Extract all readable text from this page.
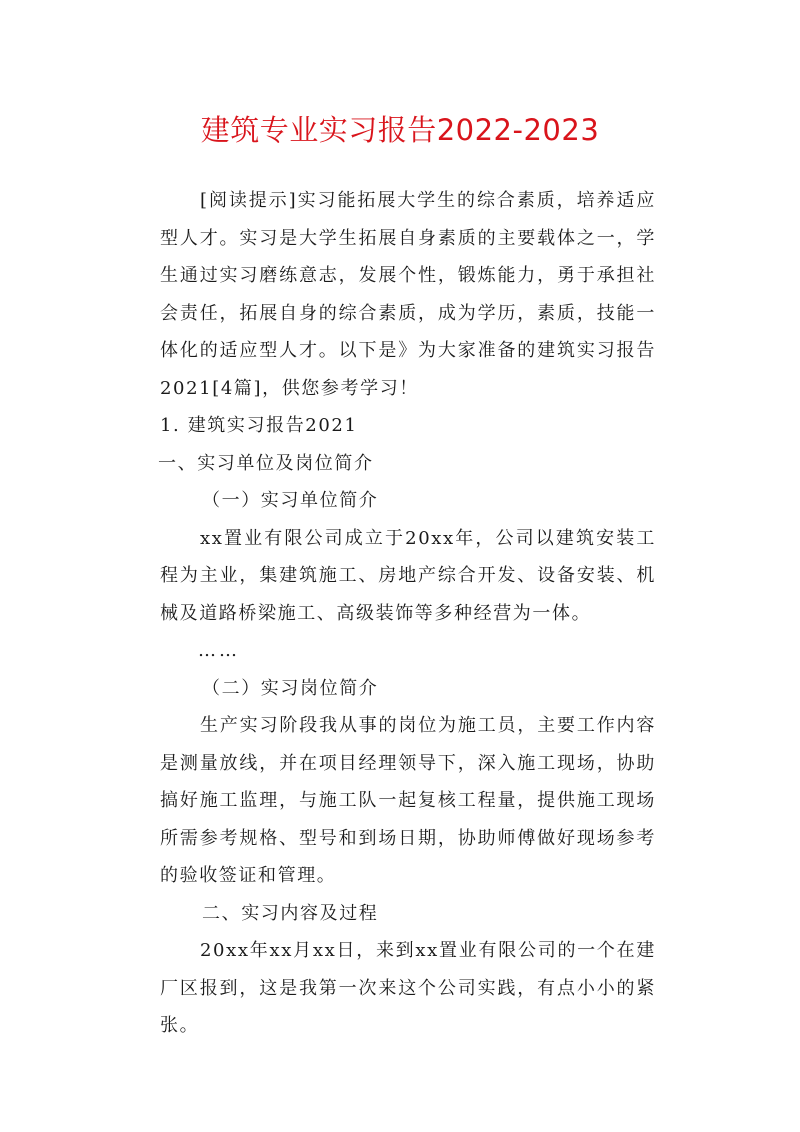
建筑专业实习报告2022-2023

[阅读提示]实习能拓展大学生的综合素质，培养适应型人才。实习是大学生拓展自身素质的主要载体之一，学生通过实习磨练意志，发展个性，锻炼能力，勇于承担社会责任，拓展自身的综合素质，成为学历，素质，技能一体化的适应型人才。以下是》为大家准备的建筑实习报告2021[4篇]，供您参考学习！

1. 建筑实习报告2021

一、实习单位及岗位简介

（一）实习单位简介

xx置业有限公司成立于20xx年，公司以建筑安装工程为主业，集建筑施工、房地产综合开发、设备安装、机械及道路桥梁施工、高级装饰等多种经营为一体。

……

（二）实习岗位简介

生产实习阶段我从事的岗位为施工员，主要工作内容是测量放线，并在项目经理领导下，深入施工现场，协助搞好施工监理，与施工队一起复核工程量，提供施工现场所需参考规格、型号和到场日期，协助师傅做好现场参考的验收签证和管理。

二、实习内容及过程

20xx年xx月xx日，来到xx置业有限公司的一个在建厂区报到，这是我第一次来这个公司实践，有点小小的紧张。
